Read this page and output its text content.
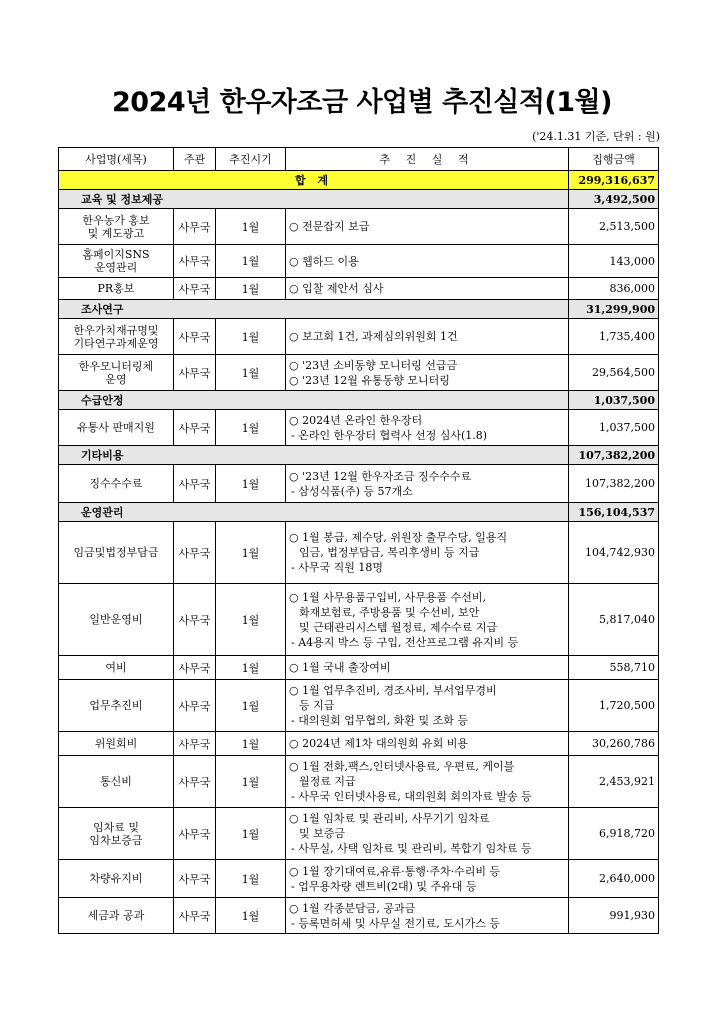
2024년 한우자조금 사업별 추진실적(1월)
('24.1.31 기준, 단위 : 원)
사업명(세목)	주관	추진시기	추 진 실 적	집행금액
합 계				299,316,637
교육 및 정보제공				3,492,500

한우농가 홍보
및 계도광고	사무국	1월	○ 전문잡지 보급	2,513,500

홈페이지SNS
운영관리	사무국	1월	○ 웹하드 이용	143,000

PR홍보	사무국	1월	○ 입찰 제안서 심사	836,000
조사연구				31,299,900

한우가치재규명및
기타연구과제운영	사무국	1월	○ 보고회 1건, 과제심의위원회 1건	1,735,400

한우모니터링체
운영	사무국	1월	○ '23년 소비동향 모니터링 선급금
○ '23년 12월 유통동향 모니터링	29,564,500
수급안정				1,037,500

유통사 판매지원	사무국	1월	○ 2024년 온라인 한우장터
- 온라인 한우장터 협력사 선정 심사(1.8)	1,037,500
기타비용				107,382,200

징수수수료	사무국	1월	○ '23년 12월 한우자조금 징수수수료
- 삼성식품(주) 등 57개소	107,382,200
운영관리				156,104,537

임금및법정부담금	사무국	1월	○ 1월 봉급, 제수당, 위원장 출무수당, 일용직
임금, 법정부담금, 복리후생비 등 지급
- 사무국 직원 18명	104,742,930

일반운영비	사무국	1월	○ 1월 사무용품구입비, 사무용품 수선비,
화재보험료, 주방용품 및 수선비, 보안
및 근태관리시스템 월정료, 제수수료 지급
- A4용지 박스 등 구입, 전산프로그램 유지비 등	5,817,040

여비	사무국	1월	○ 1월 국내 출장여비	558,710

업무추진비	사무국	1월	○ 1월 업무추진비, 경조사비, 부서업무경비
등 지급
- 대의원회 업무협의, 화환 및 조화 등	1,720,500

위원회비	사무국	1월	○ 2024년 제1차 대의원회 유회 비용	30,260,786

통신비	사무국	1월	○ 1월 전화,팩스,인터넷사용료, 우편료, 케이블
월정료 지급
- 사무국 인터넷사용료, 대의원회 회의자료 발송 등	2,453,921

임차료 및
임차보증금	사무국	1월	○ 1월 임차료 및 관리비, 사무기기 임차료
및 보증금
- 사무실, 사택 임차료 및 관리비, 복합기 임차료 등	6,918,720

차량유지비	사무국	1월	○ 1월 장기대여료,유류·통행·주차·수리비 등
- 업무용차량 렌트비(2대) 및 주유대 등	2,640,000

세금과 공과	사무국	1월	○ 1월 각종분담금, 공과금
- 등록면허세 및 사무실 전기료, 도시가스 등	991,930
